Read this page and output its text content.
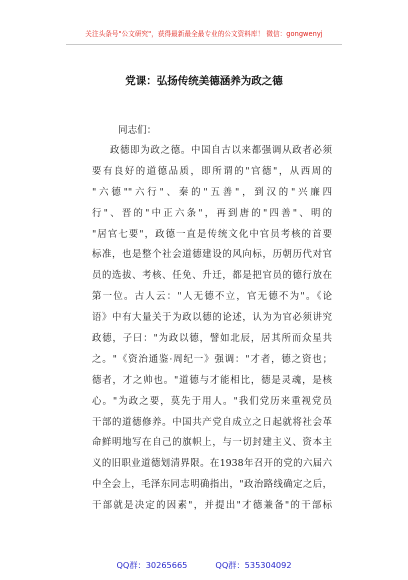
关注头条号"公文研究"，获得最新最全最专业的公文资料库！ 微信：gongwenyj
党课：弘扬传统美德涵养为政之德
同志们：
政德即为政之德。中国自古以来都强调从政者必须
要有良好的道德品质，即所谓的"官德"，从西周的
"六德""六行"、秦的"五善"，到汉的"兴廉四
行"、晋的"中正六条"，再到唐的"四善"、明的
"居官七要"，政德一直是传统文化中官员考核的首要
标准，也是整个社会道德建设的风向标，历朝历代对官
员的选拔、考核、任免、升迁，都是把官员的德行放在
第一位。古人云："人无德不立，官无德不为"。《论
语》中有大量关于为政以德的论述，认为为官必须讲究
政德，子曰："为政以德，譬如北辰，居其所而众星共
之。"《资治通鉴·周纪一》强调："才者，德之资也；
德者，才之帅也。"道德与才能相比，德是灵魂，是核
心。"为政之要，莫先于用人。"我们党历来重视党员
干部的道德修养。中国共产党自成立之日起就将社会革
命鲜明地写在自己的旗帜上，与一切封建主义、资本主
义的旧职业道德划清界限。在1938年召开的党的六届六
中全会上，毛泽东同志明确指出，"政治路线确定之后，
干部就是决定的因素"，并提出"才德兼备"的干部标
QQ群：30265665	QQ群：535304092
